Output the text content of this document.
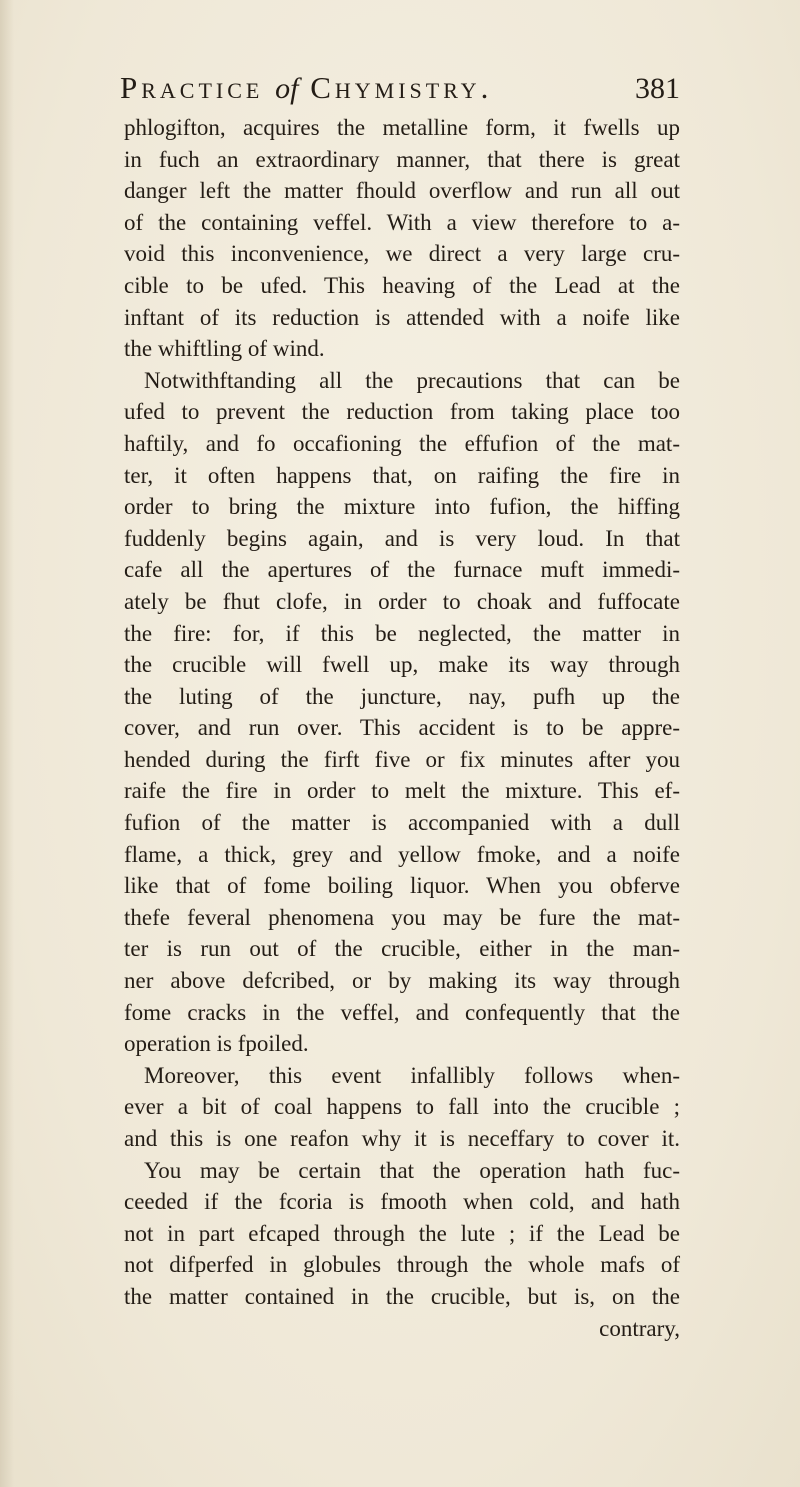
Practice of Chymistry.	381
phlogifton, acquires the metalline form, it fwells up
in fuch an extraordinary manner, that there is great
danger left the matter fhould overflow and run all out
of the containing veffel. With a view therefore to a-
void this inconvenience, we direct a very large cru-
cible to be ufed. This heaving of the Lead at the
inftant of its reduction is attended with a noife like
the whiftling of wind.
Notwithftanding all the precautions that can be
ufed to prevent the reduction from taking place too
haftily, and fo occafioning the effufion of the mat-
ter, it often happens that, on raifing the fire in
order to bring the mixture into fufion, the hiffing
fuddenly begins again, and is very loud. In that
cafe all the apertures of the furnace muft immedi-
ately be fhut clofe, in order to choak and fuffocate
the fire: for, if this be neglected, the matter in
the crucible will fwell up, make its way through
the luting of the juncture, nay, pufh up the
cover, and run over. This accident is to be appre-
hended during the firft five or fix minutes after you
raife the fire in order to melt the mixture. This ef-
fufion of the matter is accompanied with a dull
flame, a thick, grey and yellow fmoke, and a noife
like that of fome boiling liquor. When you obferve
thefe feveral phenomena you may be fure the mat-
ter is run out of the crucible, either in the man-
ner above defcribed, or by making its way through
fome cracks in the veffel, and confequently that the
operation is fpoiled.
Moreover, this event infallibly follows when-
ever a bit of coal happens to fall into the crucible ;
and this is one reafon why it is neceffary to cover it.
You may be certain that the operation hath fuc-
ceeded if the fcoria is fmooth when cold, and hath
not in part efcaped through the lute ; if the Lead be
not difperfed in globules through the whole mafs of
the matter contained in the crucible, but is, on the
contrary,
